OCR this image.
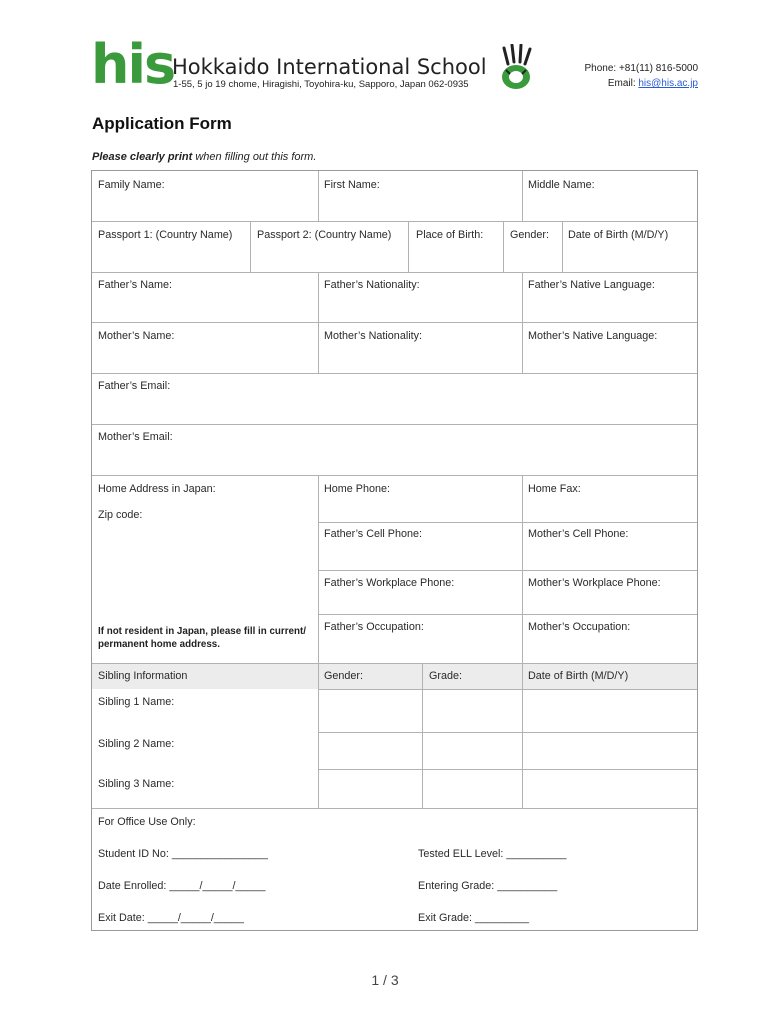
his
Hokkaido International School
1-55, 5 jo 19 chome, Hiragishi, Toyohira-ku, Sapporo, Japan 062-0935
Phone: +81(11) 816-5000
Email: his@his.ac.jp
Application Form
Please clearly print when filling out this form.
Family Name:	First Name:	Middle Name:
Passport 1: (Country Name) Passport 2: (Country Name) Place of Birth: Gender: Date of Birth (M/D/Y)
Father’s Name:	Father’s Nationality:	Father’s Native Language:
Mother’s Name:	Mother’s Nationality:	Mother’s Native Language:
Father’s Email:
Mother’s Email:
Home Address in Japan:
Zip code:
If not resident in Japan, please fill in current/ permanent home address.
Home Phone:	Home Fax:
Father’s Cell Phone:	Mother’s Cell Phone:
Father’s Workplace Phone:	Mother’s Workplace Phone:
Father’s Occupation:	Mother’s Occupation:
Sibling Information	Gender:	Grade:	Date of Birth (M/D/Y)
Sibling 1 Name:
Sibling 2 Name:
Sibling 3 Name:
For Office Use Only:
Student ID No: ________________	Tested ELL Level: __________
Date Enrolled: _____/_____/_____	Entering Grade: __________
Exit Date: _____/_____/_____	Exit Grade: _________
1 / 3
